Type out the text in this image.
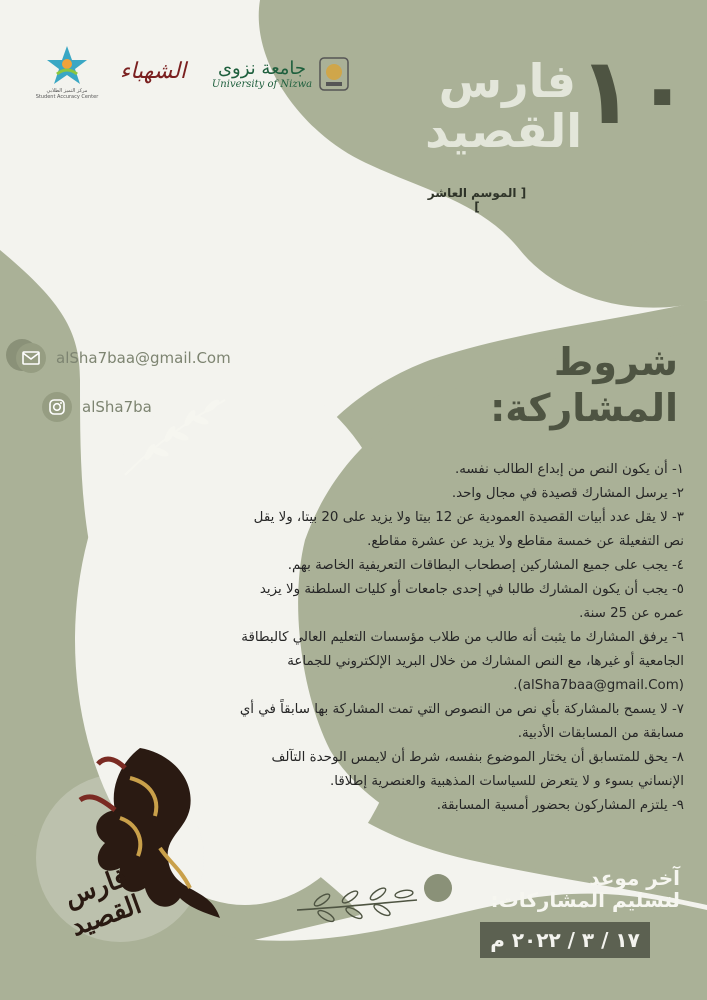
مركز التميز الطلابي
Student Accuracy Center
الشهباء جامعة نزوى
University of Nizwa	١٠
فارس
القصيد
[ الموسم العاشر ]
alSha7baa@gmail.Com
alSha7ba
شروط
المشاركة:

١- أن يكون النص من إبداع الطالب نفسه.

٢- يرسل المشارك قصيدة في مجال واحد.

٣- لا يقل عدد أبيات القصيدة العمودية عن 12 بيتا ولا يزيد على 20 بيتا، ولا يقل نص التفعيلة عن خمسة مقاطع ولا يزيد عن عشرة مقاطع.

٤- يجب على جميع المشاركين إصطحاب البطاقات التعريفية الخاصة بهم.

٥- يجب أن يكون المشارك طالبا في إحدى جامعات أو كليات السلطنة ولا يزيد عمره عن 25 سنة.

٦- يرفق المشارك ما يثبت أنه طالب من طلاب مؤسسات التعليم العالي كالبطاقة الجامعية أو غيرها، مع النص المشارك من خلال البريد الإلكتروني للجماعة (alSha7baa@gmail.Com).

٧- لا يسمح بالمشاركة بأي نص من النصوص التي تمت المشاركة بها سابقاً في أي مسابقة من المسابقات الأدبية.

٨- يحق للمتسابق أن يختار الموضوع بنفسه، شرط أن لايمس الوحدة التآلف الإنساني بسوء و لا يتعرض للسياسات المذهبية والعنصرية إطلاقا.

٩- يلتزم المشاركون بحضور أمسية المسابقة.

فارس القصيد
آخر موعد
لتسليم المشاركات:
١٧ / ٣ / ٢٠٢٢ م
